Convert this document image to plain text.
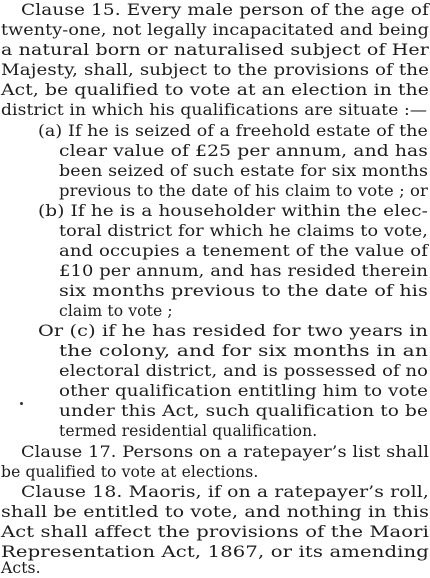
Clause 15. Every male person of the age of
twenty-one, not legally incapacitated and being
a natural born or naturalised subject of Her
Majesty, shall, subject to the provisions of the
Act, be qualified to vote at an election in the
district in which his qualifications are situate :—
(a) If he is seized of a freehold estate of the
clear value of £25 per annum, and has
been seized of such estate for six months
previous to the date of his claim to vote ; or
(b) If he is a householder within the elec-
toral district for which he claims to vote,
and occupies a tenement of the value of
£10 per annum, and has resided therein
six months previous to the date of his
claim to vote ;
Or (c) if he has resided for two years in
the colony, and for six months in an
electoral district, and is possessed of no
other qualification entitling him to vote
under this Act, such qualification to be
termed residential qualification.
Clause 17. Persons on a ratepayer’s list shall
be qualified to vote at elections.
Clause 18. Maoris, if on a ratepayer’s roll,
shall be entitled to vote, and nothing in this
Act shall affect the provisions of the Maori
Representation Act, 1867, or its amending
Acts.
